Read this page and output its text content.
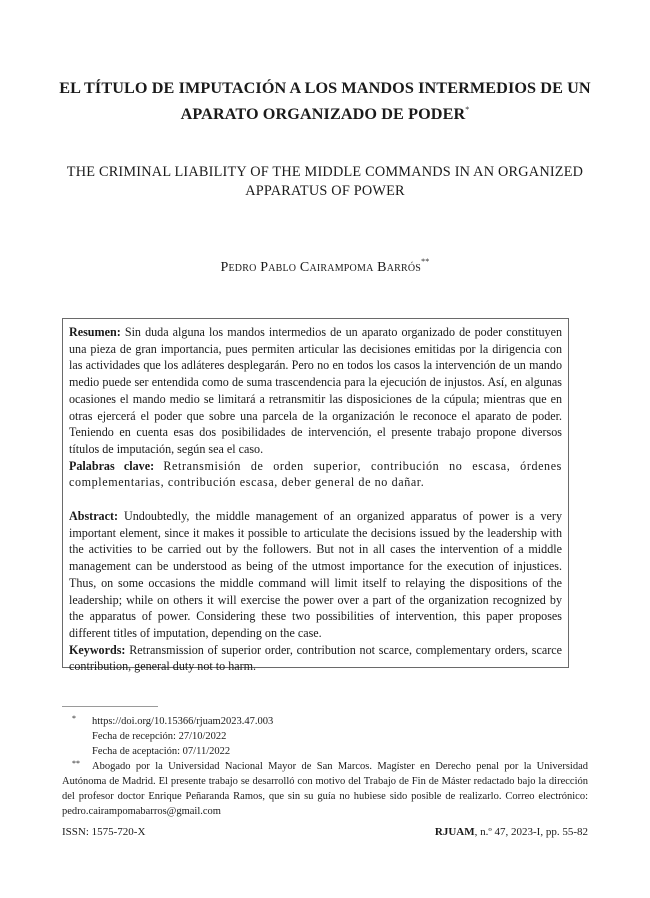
EL TÍTULO DE IMPUTACIÓN A LOS MANDOS INTERMEDIOS DE UN APARATO ORGANIZADO DE PODER*
THE CRIMINAL LIABILITY OF THE MIDDLE COMMANDS IN AN ORGANIZED APPARATUS OF POWER
Pedro Pablo Cairampoma Barrós**

Resumen: Sin duda alguna los mandos intermedios de un aparato organizado de poder constituyen una pieza de gran importancia, pues permiten articular las decisiones emitidas por la dirigencia con las actividades que los adláteres desplegarán. Pero no en todos los casos la intervención de un mando medio puede ser entendida como de suma trascendencia para la ejecución de injustos. Así, en algunas ocasiones el mando medio se limitará a retransmitir las disposiciones de la cúpula; mientras que en otras ejercerá el poder que sobre una parcela de la organización le reconoce el aparato de poder. Teniendo en cuenta esas dos posibilidades de intervención, el presente trabajo propone diversos títulos de imputación, según sea el caso.

Palabras clave: Retransmisión de orden superior, contribución no escasa, órdenes complementarias, contribución escasa, deber general de no dañar.

Abstract: Undoubtedly, the middle management of an organized apparatus of power is a very important element, since it makes it possible to articulate the decisions issued by the leadership with the activities to be carried out by the followers. But not in all cases the intervention of a middle management can be understood as being of the utmost importance for the execution of injustices. Thus, on some occasions the middle command will limit itself to relaying the dispositions of the leadership; while on others it will exercise the power over a part of the organization recognized by the apparatus of power. Considering these two possibilities of intervention, this paper proposes different titles of imputation, depending on the case.

Keywords: Retransmission of superior order, contribution not scarce, complementary orders, scarce contribution, general duty not to harm.

* https://doi.org/10.15366/rjuam2023.47.003
Fecha de recepción: 27/10/2022
Fecha de aceptación: 07/11/2022
** Abogado por la Universidad Nacional Mayor de San Marcos. Magíster en Derecho penal por la Universidad Autónoma de Madrid. El presente trabajo se desarrolló con motivo del Trabajo de Fin de Máster redactado bajo la dirección del profesor doctor Enrique Peñaranda Ramos, que sin su guía no hubiese sido posible de realizarlo. Correo electrónico: pedro.cairampomabarros@gmail.com
ISSN: 1575-720-X	RJUAM, n.º 47, 2023-I, pp. 55-82
